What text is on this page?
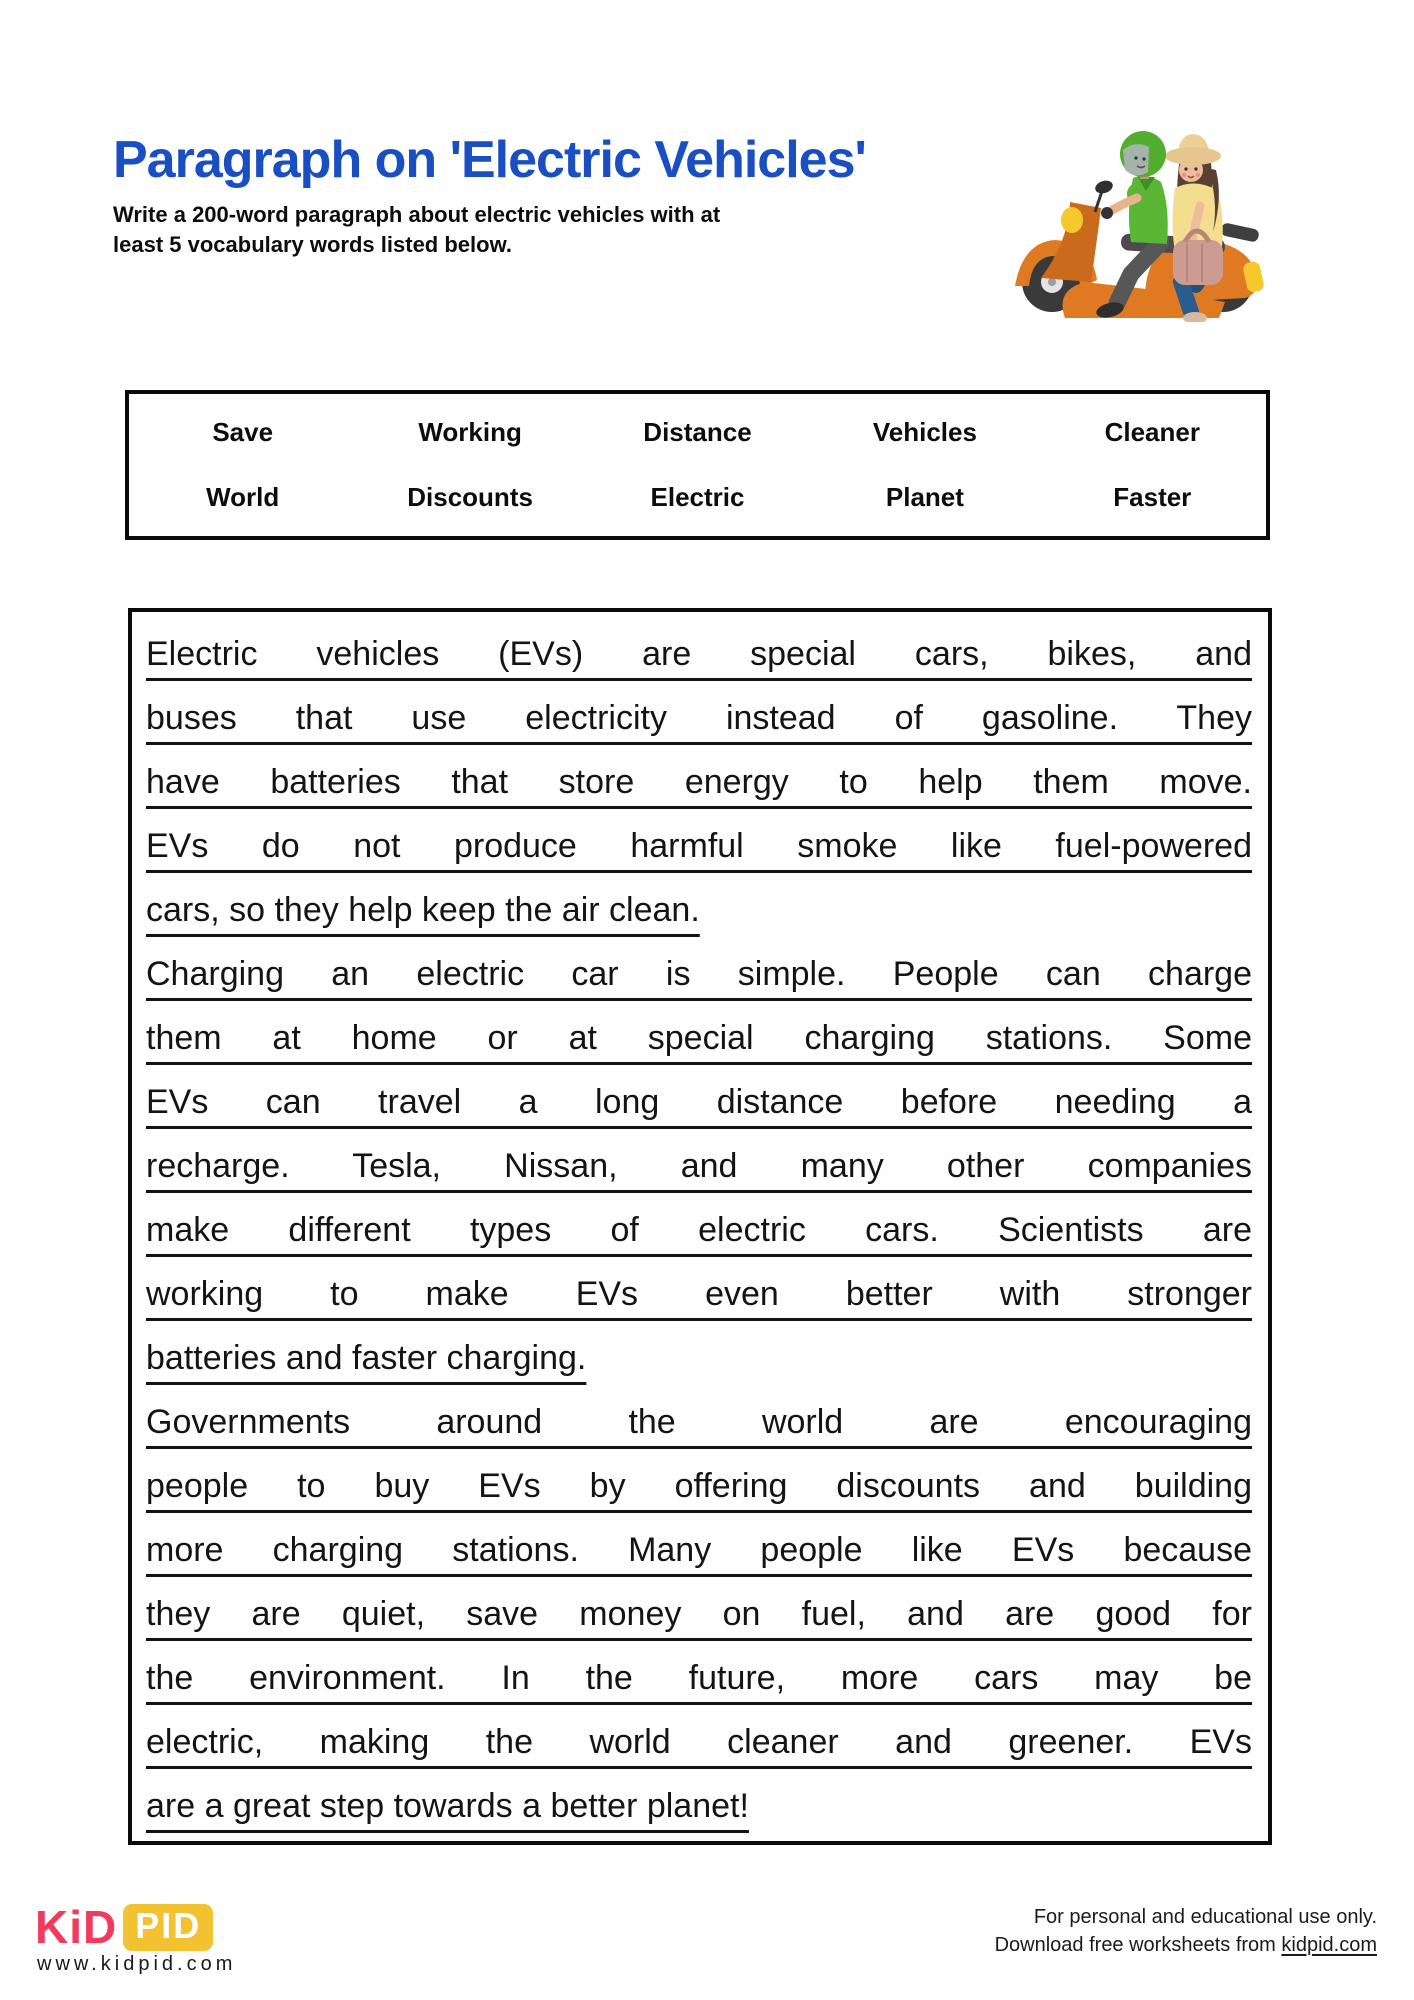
Paragraph on 'Electric Vehicles'
Write a 200-word paragraph about electric vehicles with at
least 5 vocabulary words listed below.
Save	Working	Distance	Vehicles	Cleaner
World	Discounts	Electric	Planet	Faster
Electric vehicles (EVs) are special cars, bikes, and
buses that use electricity instead of gasoline. They
have batteries that store energy to help them move.
EVs do not produce harmful smoke like fuel-powered
cars, so they help keep the air clean.
Charging an electric car is simple. People can charge
them at home or at special charging stations. Some
EVs can travel a long distance before needing a
recharge. Tesla, Nissan, and many other companies
make different types of electric cars. Scientists are
working to make EVs even better with stronger
batteries and faster charging.
Governments around the world are encouraging
people to buy EVs by offering discounts and building
more charging stations. Many people like EVs because
they are quiet, save money on fuel, and are good for
the environment. In the future, more cars may be
electric, making the world cleaner and greener. EVs
are a great step towards a better planet!
KiD PID
www.kidpid.com
For personal and educational use only.
Download free worksheets from kidpid.com
